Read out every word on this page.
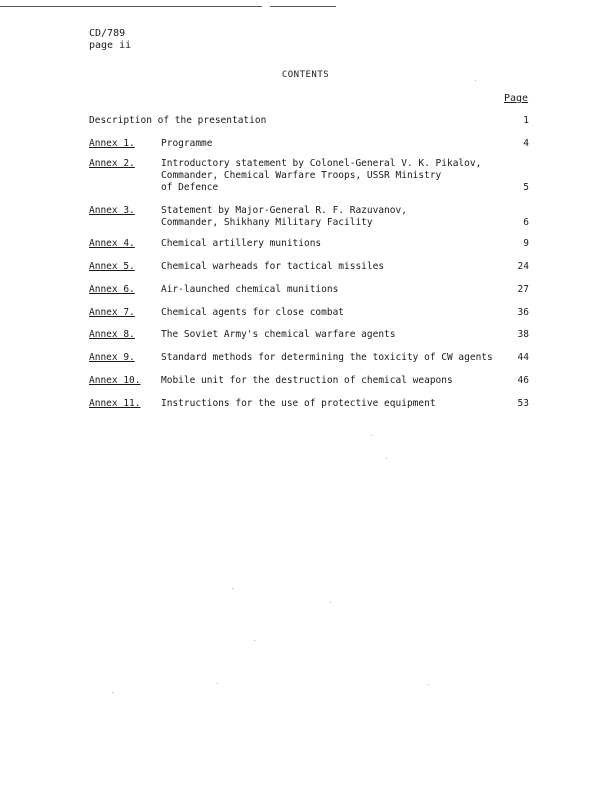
CD/789
page ii
CONTENTS
Page
Description of the presentation	1
Annex 1.	Programme	4
Annex 2.	Introductory statement by Colonel-General V. K. Pikalov,
Commander, Chemical Warfare Troops, USSR Ministry
of Defence	5
Annex 3.	Statement by Major-General R. F. Razuvanov,
Commander, Shikhany Military Facility	6
Annex 4.	Chemical artillery munitions	9
Annex 5.	Chemical warheads for tactical missiles	24
Annex 6.	Air-launched chemical munitions	27
Annex 7.	Chemical agents for close combat	36
Annex 8.	The Soviet Army's chemical warfare agents	38
Annex 9.	Standard methods for determining the toxicity of CW agents	44
Annex 10. Mobile unit for the destruction of chemical weapons	46
Annex 11. Instructions for the use of protective equipment	53
